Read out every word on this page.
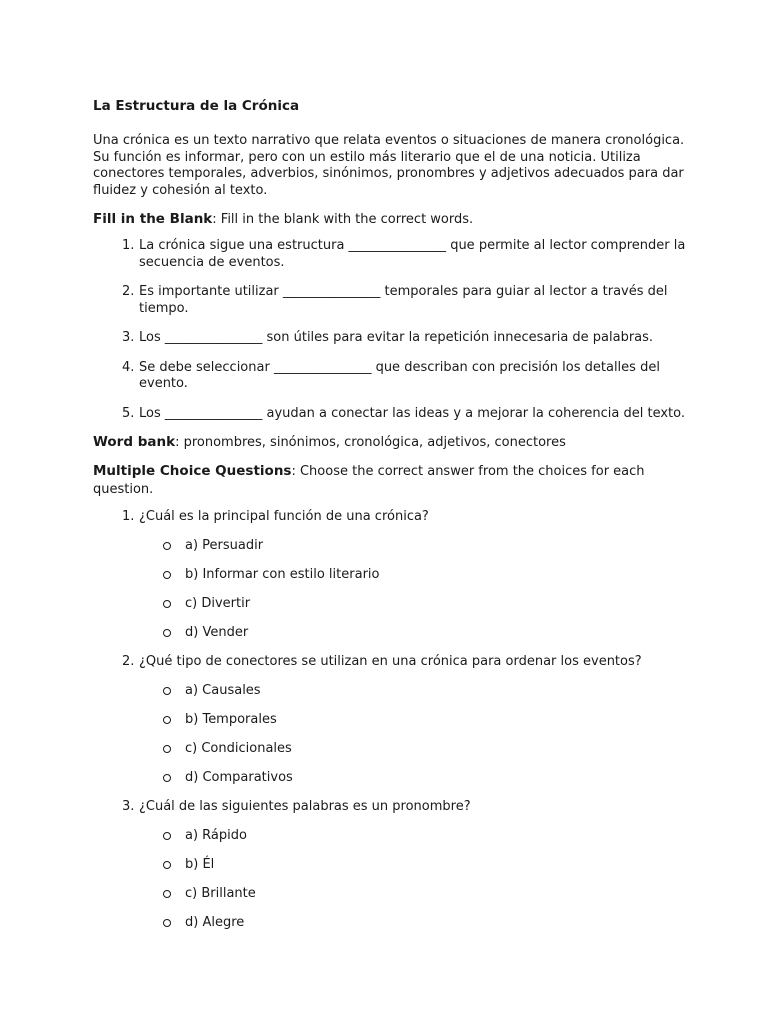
La Estructura de la Crónica

Una crónica es un texto narrativo que relata eventos o situaciones de manera cronológica. Su función es informar, pero con un estilo más literario que el de una noticia. Utiliza conectores temporales, adverbios, sinónimos, pronombres y adjetivos adecuados para dar fluidez y cohesión al texto.

Fill in the Blank: Fill in the blank with the correct words.

1. La crónica sigue una estructura _______________ que permite al lector comprender la secuencia de eventos.
2. Es importante utilizar _______________ temporales para guiar al lector a través del tiempo.
3. Los _______________ son útiles para evitar la repetición innecesaria de palabras.
4. Se debe seleccionar _______________ que describan con precisión los detalles del evento.
5. Los _______________ ayudan a conectar las ideas y a mejorar la coherencia del texto.

Word bank: pronombres, sinónimos, cronológica, adjetivos, conectores

Multiple Choice Questions: Choose the correct answer from the choices for each question.

1. ¿Cuál es la principal función de una crónica?
a) Persuadir
b) Informar con estilo literario
c) Divertir
d) Vender
2. ¿Qué tipo de conectores se utilizan en una crónica para ordenar los eventos?
a) Causales
b) Temporales
c) Condicionales
d) Comparativos
3. ¿Cuál de las siguientes palabras es un pronombre?
a) Rápido
b) Él
c) Brillante
d) Alegre
